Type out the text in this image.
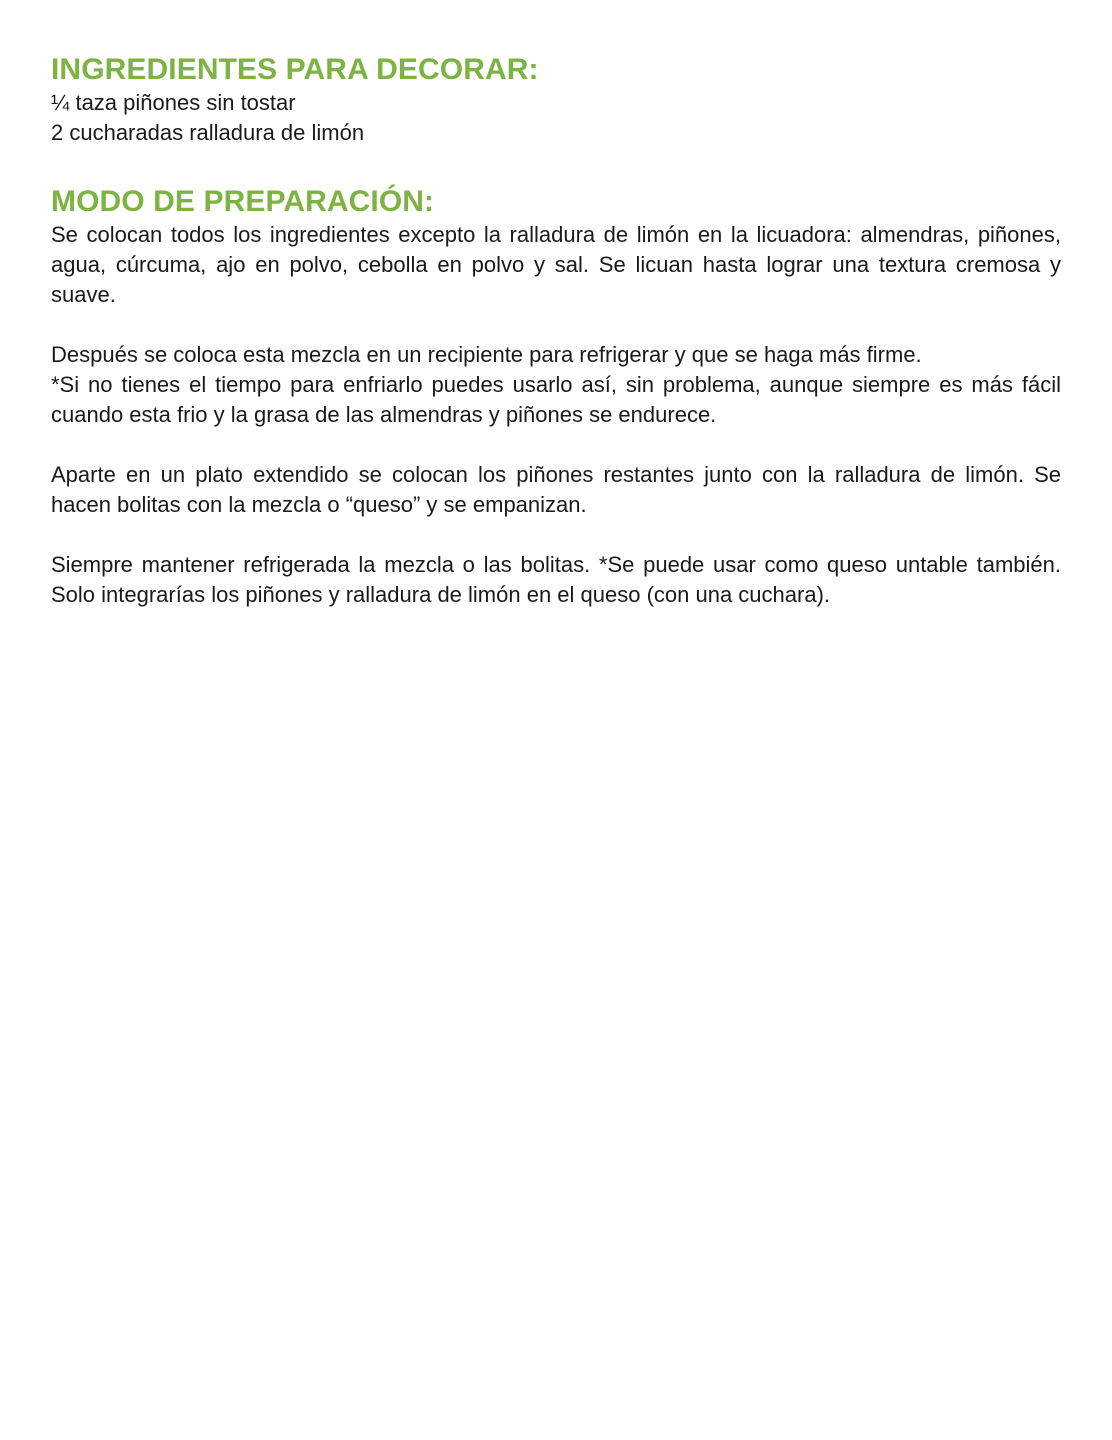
INGREDIENTES PARA DECORAR:

¼ taza piñones sin tostar

2 cucharadas ralladura de limón

MODO DE PREPARACIÓN:

Se colocan todos los ingredientes excepto la ralladura de limón en la licuadora: almendras, piñones, agua, cúrcuma, ajo en polvo, cebolla en polvo y sal. Se licuan hasta lograr una textura cremosa y suave.

Después se coloca esta mezcla en un recipiente para refrigerar y que se haga más firme.

*Si no tienes el tiempo para enfriarlo puedes usarlo así, sin problema, aunque siempre es más fácil cuando esta frio y la grasa de las almendras y piñones se endurece.

Aparte en un plato extendido se colocan los piñones restantes junto con la ralladura de limón. Se hacen bolitas con la mezcla o “queso” y se empanizan.

Siempre mantener refrigerada la mezcla o las bolitas. *Se puede usar como queso untable también. Solo integrarías los piñones y ralladura de limón en el queso (con una cuchara).
